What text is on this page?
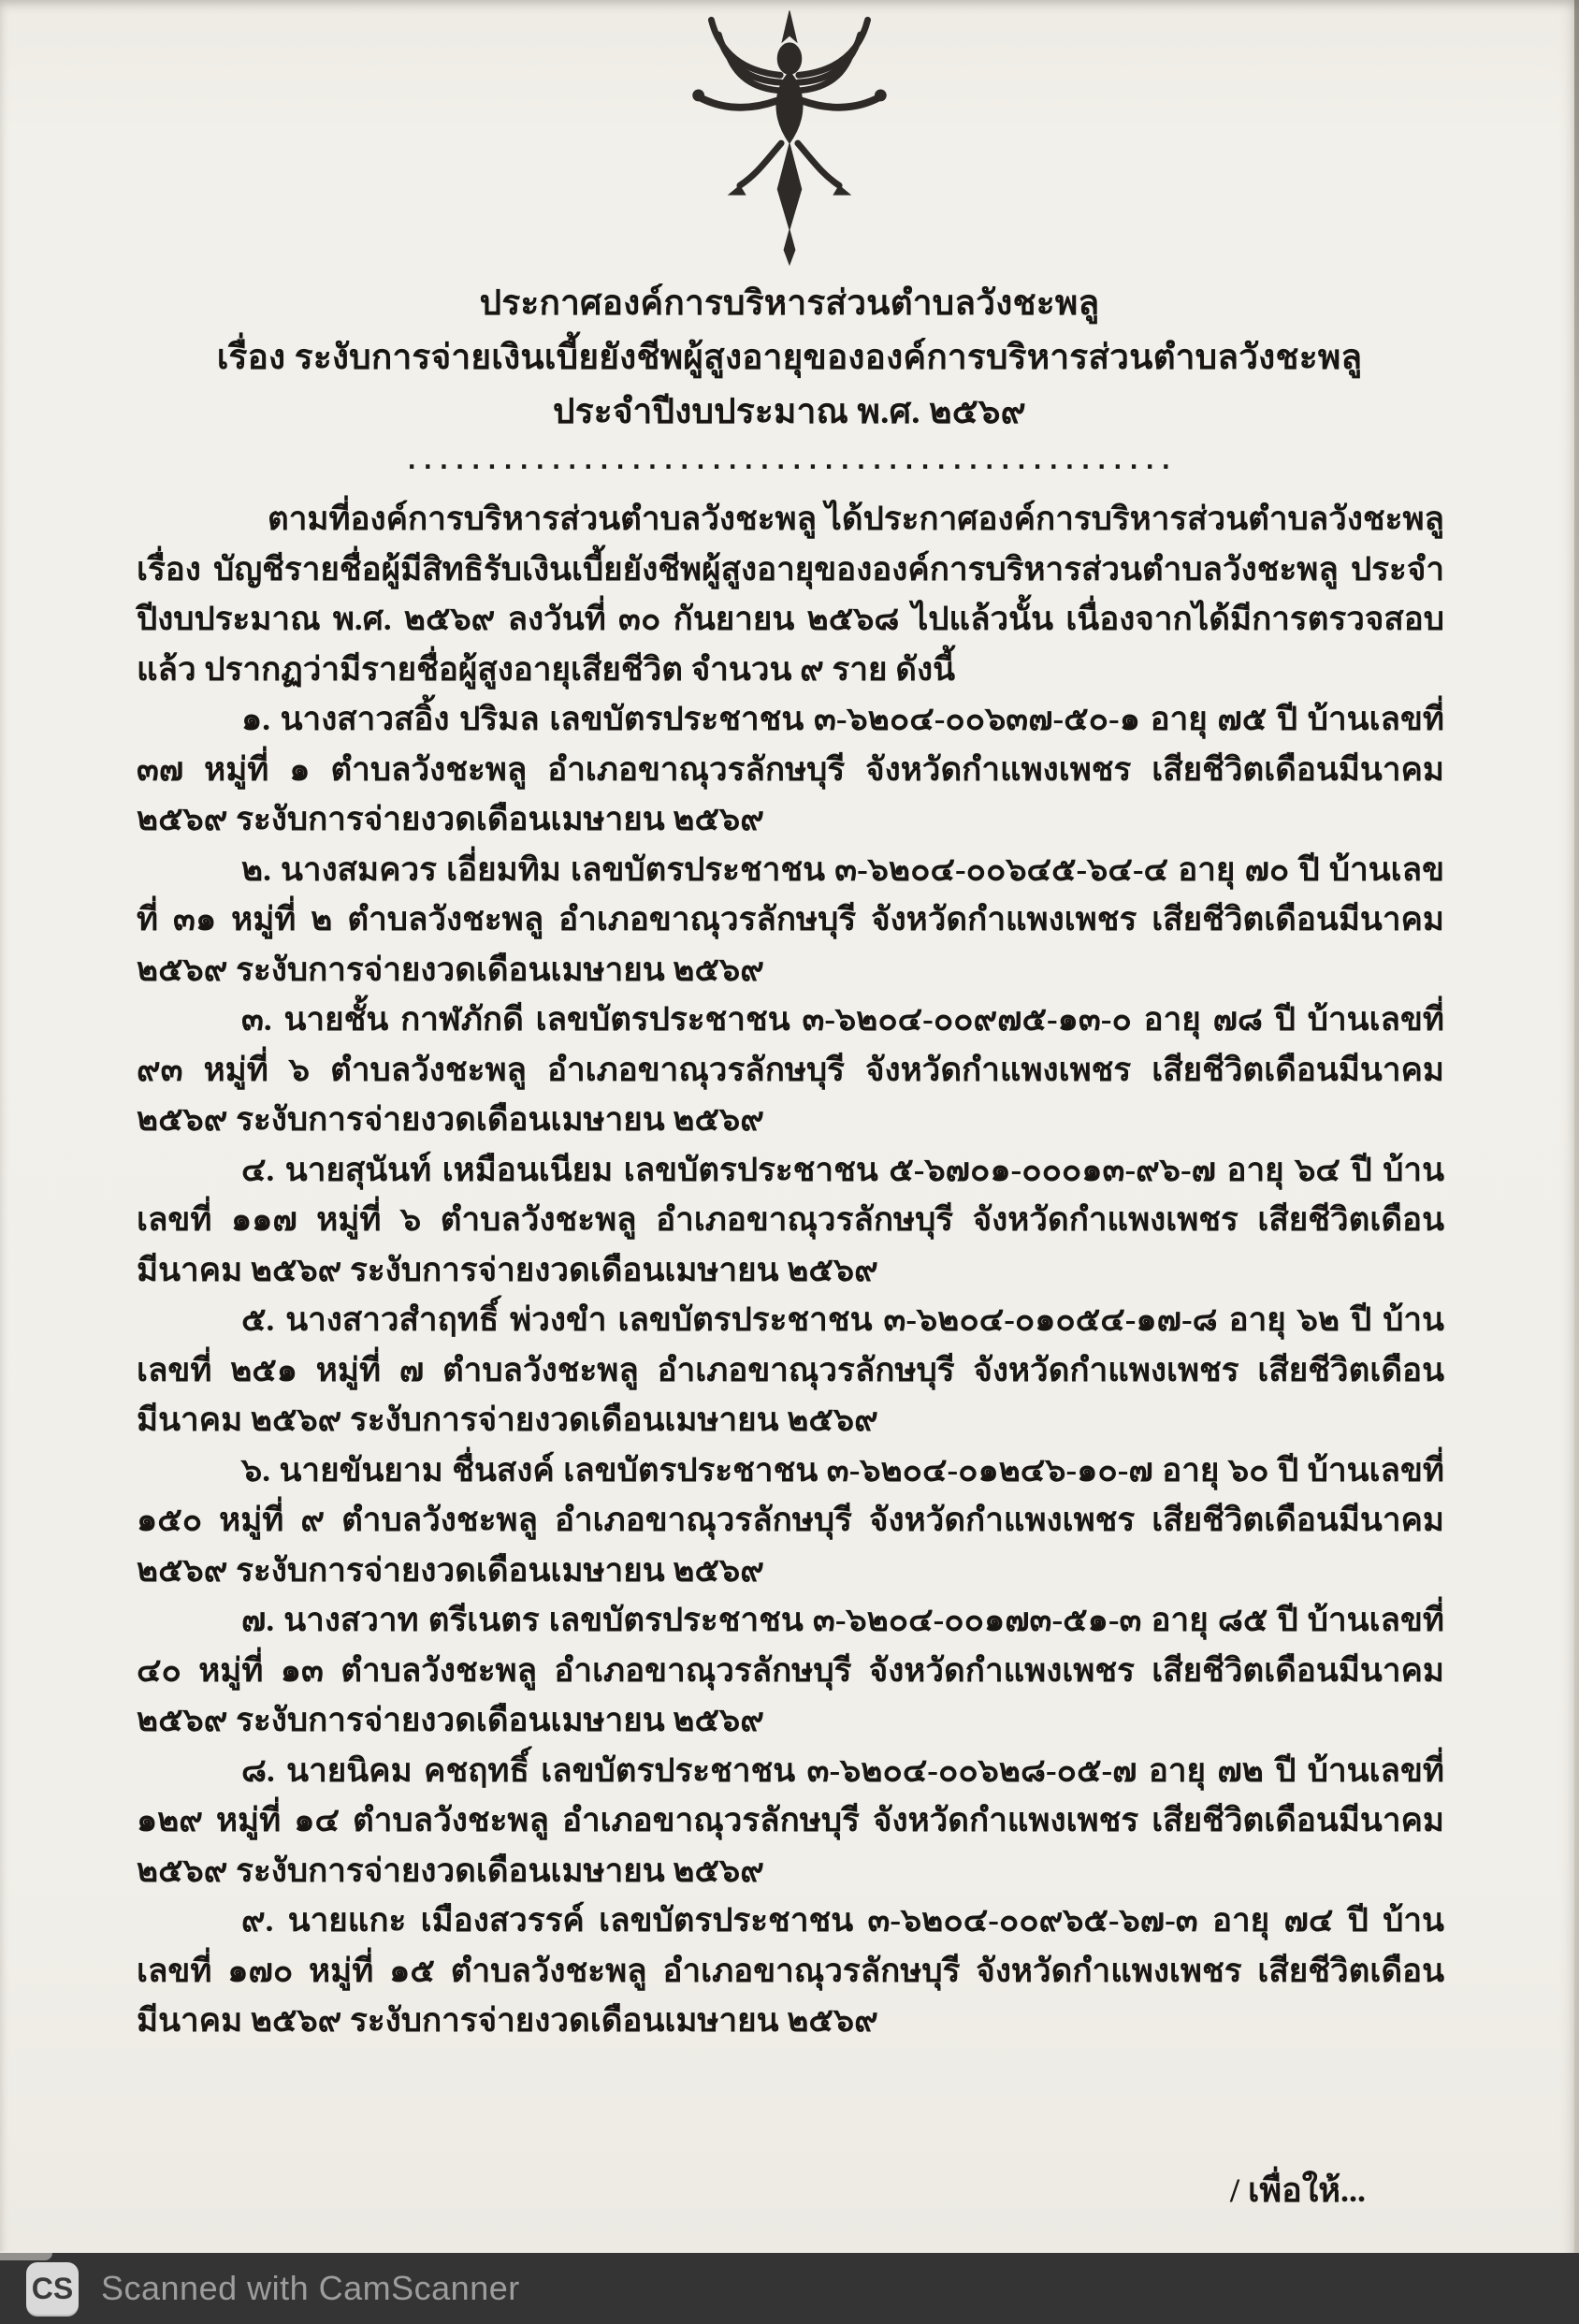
ประกาศองค์การบริหารส่วนตำบลวังชะพลู
เรื่อง ระงับการจ่ายเงินเบี้ยยังชีพผู้สูงอายุขององค์การบริหารส่วนตำบลวังชะพลู
ประจำปีงบประมาณ พ.ศ. ๒๕๖๙
................................................

ตามที่องค์การบริหารส่วนตำบลวังชะพลู ได้ประกาศองค์การบริหารส่วนตำบลวังชะพลู เรื่อง บัญชีรายชื่อผู้มีสิทธิรับเงินเบี้ยยังชีพผู้สูงอายุขององค์การบริหารส่วนตำบลวังชะพลู ประจำปีงบประมาณ พ.ศ. ๒๕๖๙ ลงวันที่ ๓๐ กันยายน ๒๕๖๘ ไปแล้วนั้น เนื่องจากได้มีการตรวจสอบแล้ว ปรากฏว่ามีรายชื่อผู้สูงอายุเสียชีวิต จำนวน ๙ ราย ดังนี้

๑. นางสาวสอิ้ง ปริมล เลขบัตรประชาชน ๓-๖๒๐๔-๐๐๖๓๗-๕๐-๑ อายุ ๗๕ ปี บ้านเลขที่ ๓๗ หมู่ที่ ๑ ตำบลวังชะพลู อำเภอขาณุวรลักษบุรี จังหวัดกำแพงเพชร เสียชีวิตเดือนมีนาคม ๒๕๖๙ ระงับการจ่ายงวดเดือนเมษายน ๒๕๖๙

๒. นางสมควร เอี่ยมทิม เลขบัตรประชาชน ๓-๖๒๐๔-๐๐๖๔๕-๖๔-๔ อายุ ๗๐ ปี บ้านเลขที่ ๓๑ หมู่ที่ ๒ ตำบลวังชะพลู อำเภอขาณุวรลักษบุรี จังหวัดกำแพงเพชร เสียชีวิตเดือนมีนาคม ๒๕๖๙ ระงับการจ่ายงวดเดือนเมษายน ๒๕๖๙

๓. นายชั้น กาฬภักดี เลขบัตรประชาชน ๓-๖๒๐๔-๐๐๙๗๕-๑๓-๐ อายุ ๗๘ ปี บ้านเลขที่ ๙๓ หมู่ที่ ๖ ตำบลวังชะพลู อำเภอขาณุวรลักษบุรี จังหวัดกำแพงเพชร เสียชีวิตเดือนมีนาคม ๒๕๖๙ ระงับการจ่ายงวดเดือนเมษายน ๒๕๖๙

๔. นายสุนันท์ เหมือนเนียม เลขบัตรประชาชน ๕-๖๗๐๑-๐๐๐๑๓-๙๖-๗ อายุ ๖๔ ปี บ้านเลขที่ ๑๑๗ หมู่ที่ ๖ ตำบลวังชะพลู อำเภอขาณุวรลักษบุรี จังหวัดกำแพงเพชร เสียชีวิตเดือนมีนาคม ๒๕๖๙ ระงับการจ่ายงวดเดือนเมษายน ๒๕๖๙

๕. นางสาวสำฤทธิ์ พ่วงขำ เลขบัตรประชาชน ๓-๖๒๐๔-๐๑๐๕๔-๑๗-๘ อายุ ๖๒ ปี บ้านเลขที่ ๒๕๑ หมู่ที่ ๗ ตำบลวังชะพลู อำเภอขาณุวรลักษบุรี จังหวัดกำแพงเพชร เสียชีวิตเดือนมีนาคม ๒๕๖๙ ระงับการจ่ายงวดเดือนเมษายน ๒๕๖๙

๖. นายขันยาม ชื่นสงค์ เลขบัตรประชาชน ๓-๖๒๐๔-๐๑๒๔๖-๑๐-๗ อายุ ๖๐ ปี บ้านเลขที่ ๑๕๐ หมู่ที่ ๙ ตำบลวังชะพลู อำเภอขาณุวรลักษบุรี จังหวัดกำแพงเพชร เสียชีวิตเดือนมีนาคม ๒๕๖๙ ระงับการจ่ายงวดเดือนเมษายน ๒๕๖๙

๗. นางสวาท ตรีเนตร เลขบัตรประชาชน ๓-๖๒๐๔-๐๐๑๗๓-๕๑-๓ อายุ ๘๕ ปี บ้านเลขที่ ๔๐ หมู่ที่ ๑๓ ตำบลวังชะพลู อำเภอขาณุวรลักษบุรี จังหวัดกำแพงเพชร เสียชีวิตเดือนมีนาคม ๒๕๖๙ ระงับการจ่ายงวดเดือนเมษายน ๒๕๖๙

๘. นายนิคม คชฤทธิ์ เลขบัตรประชาชน ๓-๖๒๐๔-๐๐๖๒๘-๐๕-๗ อายุ ๗๒ ปี บ้านเลขที่ ๑๒๙ หมู่ที่ ๑๔ ตำบลวังชะพลู อำเภอขาณุวรลักษบุรี จังหวัดกำแพงเพชร เสียชีวิตเดือนมีนาคม ๒๕๖๙ ระงับการจ่ายงวดเดือนเมษายน ๒๕๖๙

๙. นายแกะ เมืองสวรรค์ เลขบัตรประชาชน ๓-๖๒๐๔-๐๐๙๖๕-๖๗-๓ อายุ ๗๔ ปี บ้านเลขที่ ๑๗๐ หมู่ที่ ๑๕ ตำบลวังชะพลู อำเภอขาณุวรลักษบุรี จังหวัดกำแพงเพชร เสียชีวิตเดือนมีนาคม ๒๕๖๙ ระงับการจ่ายงวดเดือนเมษายน ๒๕๖๙

/ เพื่อให้...
CS Scanned with CamScanner
